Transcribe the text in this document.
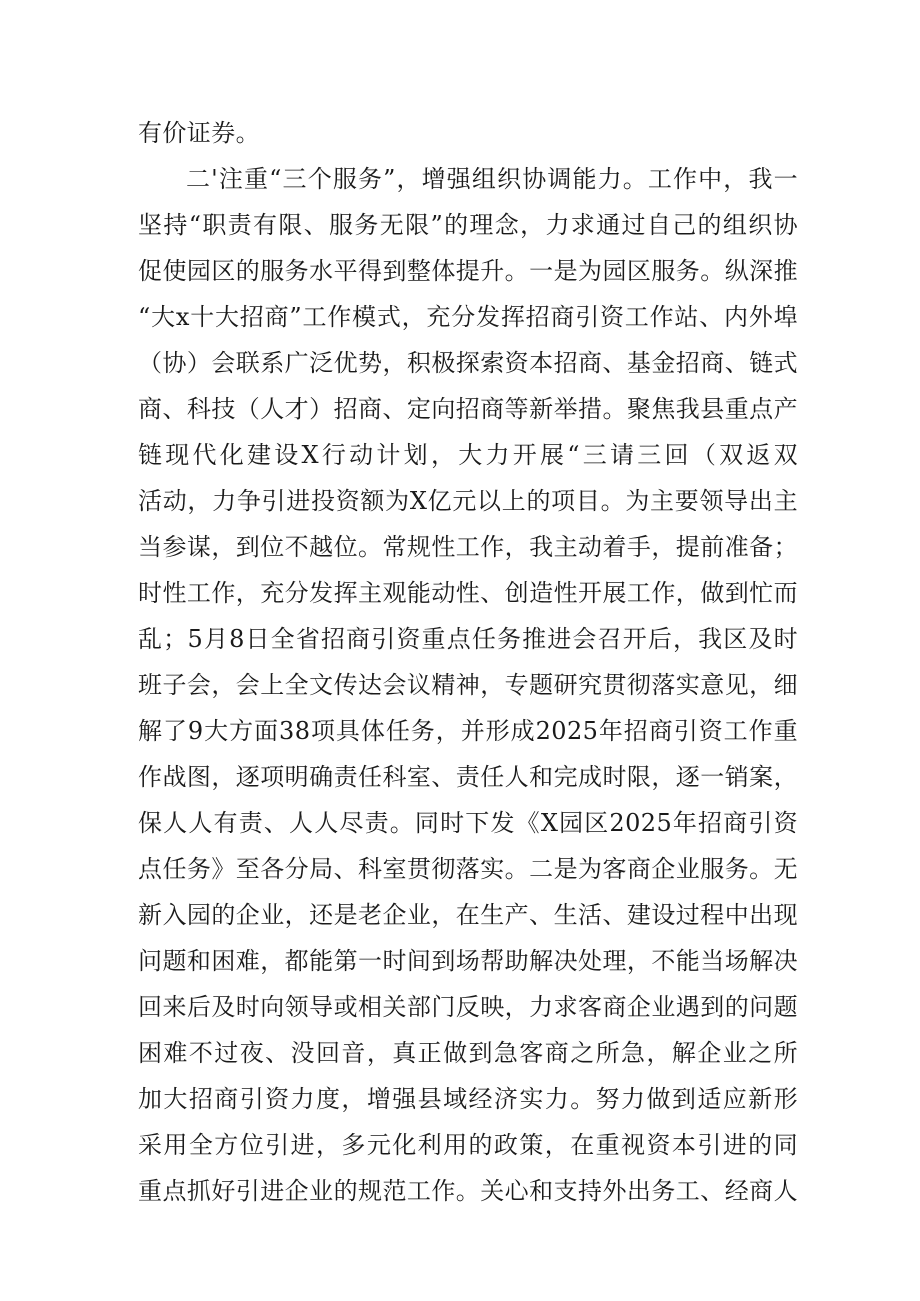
有价证券。
二'注重“三个服务”，增强组织协调能力。工作中，我一
坚持“职责有限、服务无限”的理念，力求通过自己的组织协
促使园区的服务水平得到整体提升。一是为园区服务。纵深推
“大x十大招商”工作模式，充分发挥招商引资工作站、内外埠
（协）会联系广泛优势，积极探索资本招商、基金招商、链式
商、科技（人才）招商、定向招商等新举措。聚焦我县重点产
链现代化建设X行动计划，大力开展“三请三回（双返双
活动，力争引进投资额为X亿元以上的项目。为主要领导出主
当参谋，到位不越位。常规性工作，我主动着手，提前准备；
时性工作，充分发挥主观能动性、创造性开展工作，做到忙而
乱；5月8日全省招商引资重点任务推进会召开后，我区及时
班子会，会上全文传达会议精神，专题研究贯彻落实意见，细
解了9大方面38项具体任务，并形成2025年招商引资工作重
作战图，逐项明确责任科室、责任人和完成时限，逐一销案，
保人人有责、人人尽责。同时下发《X园区2025年招商引资
点任务》至各分局、科室贯彻落实。二是为客商企业服务。无
新入园的企业，还是老企业，在生产、生活、建设过程中出现
问题和困难，都能第一时间到场帮助解决处理，不能当场解决
回来后及时向领导或相关部门反映，力求客商企业遇到的问题
困难不过夜、没回音，真正做到急客商之所急，解企业之所
加大招商引资力度，增强县域经济实力。努力做到适应新形
采用全方位引进，多元化利用的政策，在重视资本引进的同
重点抓好引进企业的规范工作。关心和支持外出务工、经商人
